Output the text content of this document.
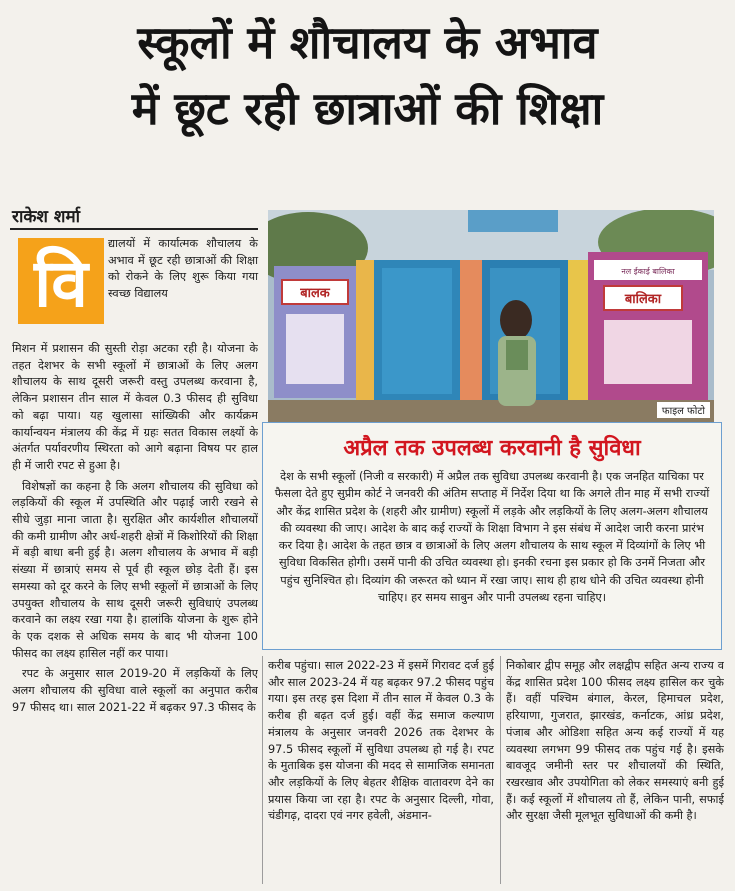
स्कूलों में शौचालय के अभाव
में छूट रही छात्राओं की शिक्षा
राकेश शर्मा
वि
द्यालयों में कार्यात्मक शौचालय के अभाव में छूट रही छात्राओं की शिक्षा को रोकने के लिए शुरू किया गया स्वच्छ विद्यालय

मिशन में प्रशासन की सुस्ती रोड़ा अटका रही है। योजना के तहत देशभर के सभी स्कूलों में छात्राओं के लिए अलग शौचालय के साथ दूसरी जरूरी वस्तु उपलब्ध करवाना है, लेकिन प्रशासन तीन साल में केवल 0.3 फीसद ही सुविधा को बढ़ा पाया। यह खुलासा सांख्यिकी और कार्यक्रम कार्यान्वयन मंत्रालय की केंद्र में ग्रहः सतत विकास लक्ष्यों के अंतर्गत पर्यावरणीय स्थिरता को आगे बढ़ाना विषय पर हाल ही में जारी रपट से हुआ है।

विशेषज्ञों का कहना है कि अलग शौचालय की सुविधा को लड़कियों की स्कूल में उपस्थिति और पढ़ाई जारी रखने से सीधे जुड़ा माना जाता है। सुरक्षित और कार्यशील शौचालयों की कमी ग्रामीण और अर्ध-शहरी क्षेत्रों में किशोरियों की शिक्षा में बड़ी बाधा बनी हुई है। अलग शौचालय के अभाव में बड़ी संख्या में छात्राएं समय से पूर्व ही स्कूल छोड़ देती हैं। इस समस्या को दूर करने के लिए सभी स्कूलों में छात्राओं के लिए उपयुक्त शौचालय के साथ दूसरी जरूरी सुविधाएं उपलब्ध करवाने का लक्ष्य रखा गया है। हालांकि योजना के शुरू होने के एक दशक से अधिक समय के बाद भी योजना 100 फीसद का लक्ष्य हासिल नहीं कर पाया।

रपट के अनुसार साल 2019-20 में लड़कियों के लिए अलग शौचालय की सुविधा वाले स्कूलों का अनुपात करीब 97 फीसद था। साल 2021-22 में बढ़कर 97.3 फीसद के

बालक	बालिका
नल ईकाई बालिका
फाइल फोटो
अप्रैल तक उपलब्ध करवानी है सुविधा
देश के सभी स्कूलों (निजी व सरकारी) में अप्रैल तक सुविधा उपलब्ध करवानी है। एक जनहित याचिका पर फैसला देते हुए सुप्रीम कोर्ट ने जनवरी की अंतिम सप्ताह में निर्देश दिया था कि अगले तीन माह में सभी राज्यों और केंद्र शासित प्रदेश के (शहरी और ग्रामीण) स्कूलों में लड़के और लड़कियों के लिए अलग-अलग शौचालय की व्यवस्था की जाए। आदेश के बाद कई राज्यों के शिक्षा विभाग ने इस संबंध में आदेश जारी करना प्रारंभ कर दिया है। आदेश के तहत छात्र व छात्राओं के लिए अलग शौचालय के साथ स्कूल में दिव्यांगों के लिए भी सुविधा विकसित होगी। उसमें पानी की उचित व्यवस्था हो। इनकी रचना इस प्रकार हो कि उनमें निजता और पहुंच सुनिश्चित हो। दिव्यांग की जरूरत को ध्यान में रखा जाए। साथ ही हाथ धोने की उचित व्यवस्था होनी चाहिए। हर समय साबुन और पानी उपलब्ध रहना चाहिए।

करीब पहुंचा। साल 2022-23 में इसमें गिरावट दर्ज हुई और साल 2023-24 में यह बढ़कर 97.2 फीसद पहुंच गया। इस तरह इस दिशा में तीन साल में केवल 0.3 के करीब ही बढ़त दर्ज हुई। वहीं केंद्र समाज कल्याण मंत्रालय के अनुसार जनवरी 2026 तक देशभर के 97.5 फीसद स्कूलों में सुविधा उपलब्ध हो गई है। रपट के मुताबिक इस योजना की मदद से सामाजिक समानता और लड़कियों के लिए बेहतर शैक्षिक वातावरण देने का प्रयास किया जा रहा है। रपट के अनुसार दिल्ली, गोवा, चंडीगढ़, दादरा एवं नगर हवेली, अंडमान-

निकोबार द्वीप समूह और लक्षद्वीप सहित अन्य राज्य व केंद्र शासित प्रदेश 100 फीसद लक्ष्य हासिल कर चुके हैं। वहीं पश्चिम बंगाल, केरल, हिमाचल प्रदेश, हरियाणा, गुजरात, झारखंड, कर्नाटक, आंध्र प्रदेश, पंजाब और ओडिशा सहित अन्य कई राज्यों में यह व्यवस्था लगभग 99 फीसद तक पहुंच गई है। इसके बावजूद जमीनी स्तर पर शौचालयों की स्थिति, रखरखाव और उपयोगिता को लेकर समस्याएं बनी हुई हैं। कई स्कूलों में शौचालय तो हैं, लेकिन पानी, सफाई और सुरक्षा जैसी मूलभूत सुविधाओं की कमी है।
